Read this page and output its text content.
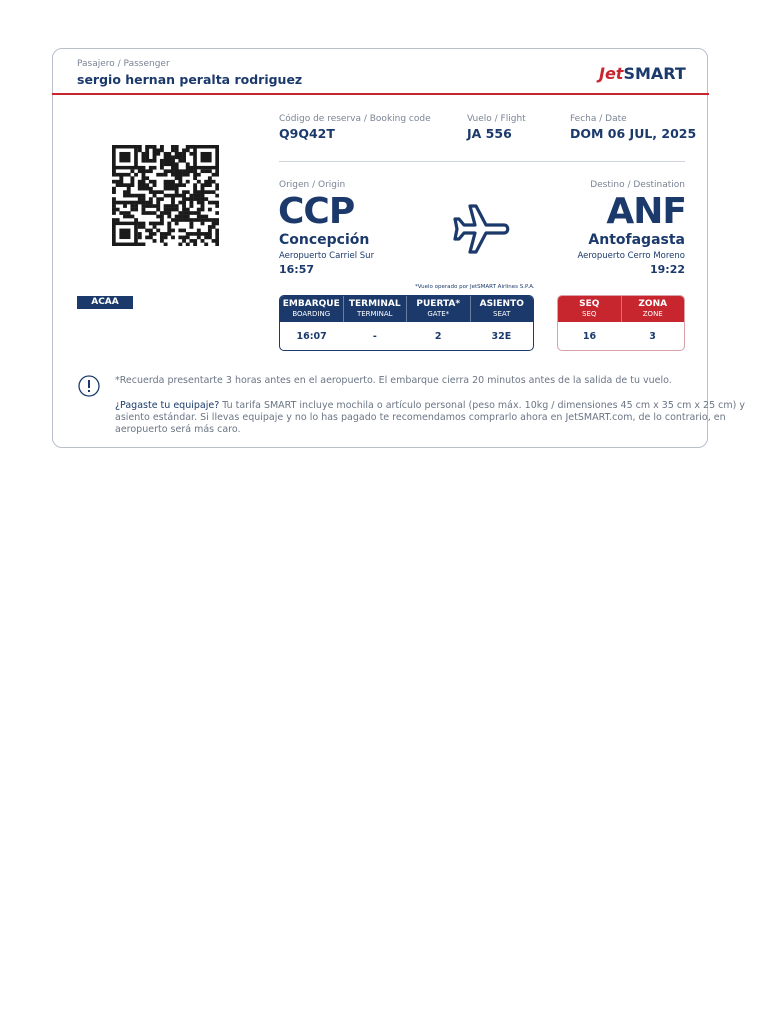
Pasajero / Passenger
sergio hernan peralta rodriguez	JetSMART
Código de reserva / Booking code
Q9Q42T
Vuelo / Flight
JA 556
Fecha / Date
DOM 06 JUL, 2025
Origen / Origin
CCP
Concepción
Aeropuerto Carriel Sur
16:57
Destino / Destination
ANF
Antofagasta
Aeropuerto Cerro Moreno
19:22
ACAA
*Vuelo operado por JetSMART Airlines S.P.A.
EMBARQUE
BOARDING
TERMINAL
TERMINAL
PUERTA*
GATE*
ASIENTO
SEAT
16:07	-	2	32E
SEQ
SEQ
ZONA
ZONE
16	3
*Recuerda presentarte 3 horas antes en el aeropuerto. El embarque cierra 20 minutos antes de la salida de tu vuelo.
¿Pagaste tu equipaje? Tu tarifa SMART incluye mochila o artículo personal (peso máx. 10kg / dimensiones 45 cm x 35 cm x 25 cm) y
asiento estándar. Si llevas equipaje y no lo has pagado te recomendamos comprarlo ahora en JetSMART.com, de lo contrario, en
aeropuerto será más caro.
